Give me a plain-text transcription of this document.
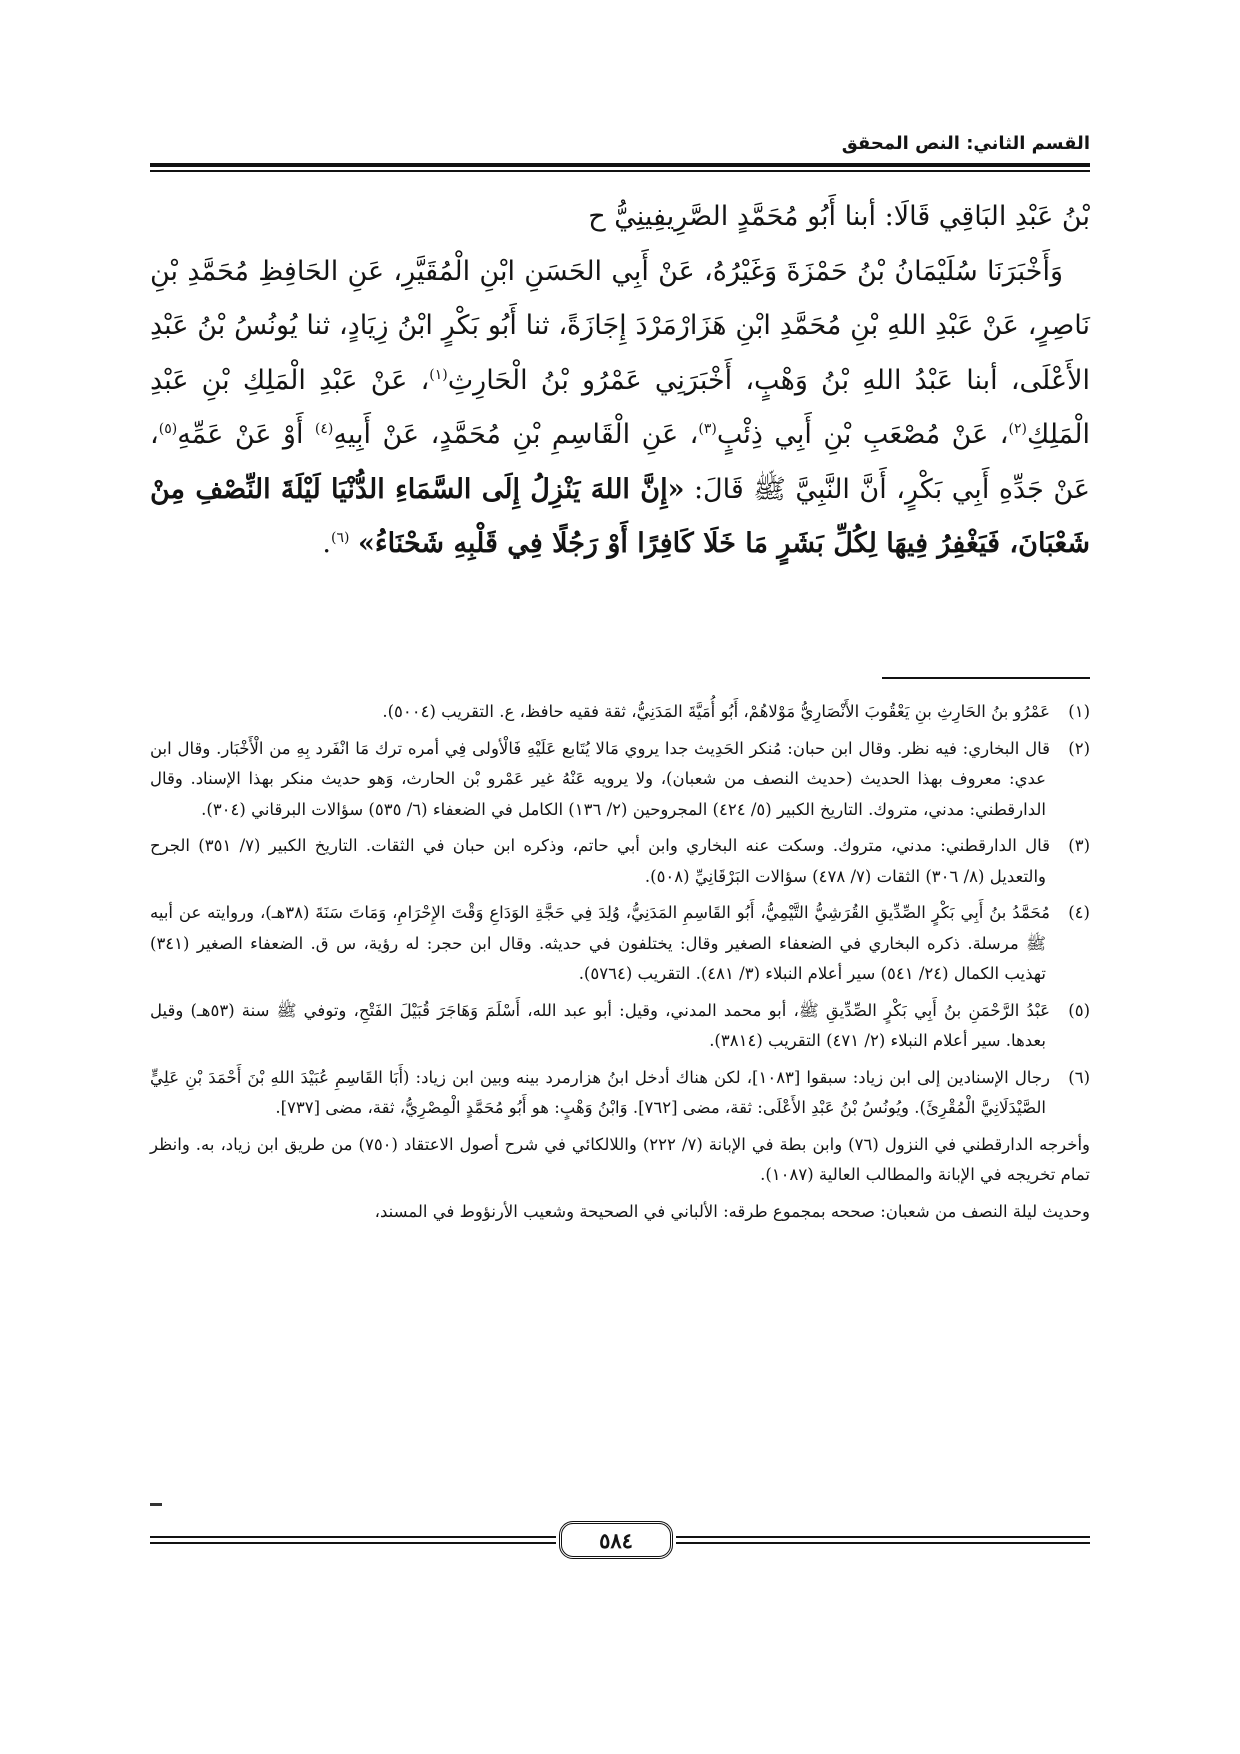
القسم الثاني: النص المحقق

بْنُ عَبْدِ البَاقِي قَالَا: أبنا أَبُو مُحَمَّدٍ الصَّرِيفِينِيُّ ح

وَأَخْبَرَنَا سُلَيْمَانُ بْنُ حَمْزَةَ وَغَيْرُهُ، عَنْ أَبِي الحَسَنِ ابْنِ الْمُقَيَّرِ، عَنِ الحَافِظِ مُحَمَّدِ بْنِ نَاصِرٍ، عَنْ عَبْدِ اللهِ بْنِ مُحَمَّدِ ابْنِ هَزَارْمَرْدَ إِجَازَةً، ثنا أَبُو بَكْرٍ ابْنُ زِيَادٍ، ثنا يُونُسُ بْنُ عَبْدِ الأَعْلَى، أبنا عَبْدُ اللهِ بْنُ وَهْبٍ، أَخْبَرَنِي عَمْرُو بْنُ الْحَارِثِ$^{(١)}$، عَنْ عَبْدِ الْمَلِكِ بْنِ عَبْدِ الْمَلِكِ$^{(٢)}$، عَنْ مُصْعَبِ بْنِ أَبِي ذِئْبٍ$^{(٣)}$، عَنِ الْقَاسِمِ بْنِ مُحَمَّدٍ، عَنْ أَبِيهِ$^{(٤)}$ أَوْ عَنْ عَمِّهِ$^{(٥)}$، عَنْ جَدِّهِ أَبِي بَكْرٍ، أَنَّ النَّبِيَّ ﷺ قَالَ: «إِنَّ اللهَ يَنْزِلُ إِلَى السَّمَاءِ الدُّنْيَا لَيْلَةَ النِّصْفِ مِنْ شَعْبَانَ، فَيَغْفِرُ فِيهَا لِكُلِّ بَشَرٍ مَا خَلَا كَافِرًا أَوْ رَجُلًا فِي قَلْبِهِ شَحْنَاءُ» $^{(٦)}$.

(١)عَمْرُو بنُ الحَارِثِ بنِ يَعْقُوبَ الأَنْصَارِيُّ مَوْلاهُمْ، أَبُو أُمَيَّةَ المَدَنِيُّ، ثقة فقيه حافظ، ع. التقريب (٥٠٠٤).

(٢)قال البخاري: فيه نظر. وقال ابن حبان: مُنكر الحَدِيث جدا يروي مَالا يُتَابع عَلَيْهِ فَالْأولى فِي أمره ترك مَا انْفَرد بِهِ من الْأَخْبَار. وقال ابن عدي: معروف بهذا الحديث (حديث النصف من شعبان)، ولا يرويه عَنْهُ غير عَمْرو بْن الحارث، وَهو حديث منكر بهذا الإسناد. وقال الدارقطني: مدني، متروك. التاريخ الكبير (٥/ ٤٢٤) المجروحين (٢/ ١٣٦) الكامل في الضعفاء (٦/ ٥٣٥) سؤالات البرقاني (٣٠٤).

(٣)قال الدارقطني: مدني، متروك. وسكت عنه البخاري وابن أبي حاتم، وذكره ابن حبان في الثقات. التاريخ الكبير (٧/ ٣٥١) الجرح والتعديل (٨/ ٣٠٦) الثقات (٧/ ٤٧٨) سؤالات البَرْقَانِيِّ (٥٠٨).

(٤)مُحَمَّدُ بنُ أَبِي بَكْرٍ الصِّدِّيقِ القُرَشِيُّ التَّيْمِيُّ، أَبُو القَاسِمِ المَدَنِيُّ، وُلِدَ فِي حَجَّةِ الوَدَاعِ وَقْتَ الإِحْرَامِ، وَمَاتَ سَنَةَ (٣٨هـ)، وروايته عن أبيه ﷺ مرسلة. ذكره البخاري في الضعفاء الصغير وقال: يختلفون في حديثه. وقال ابن حجر: له رؤية، س ق. الضعفاء الصغير (٣٤١) تهذيب الكمال (٢٤/ ٥٤١) سير أعلام النبلاء (٣/ ٤٨١). التقريب (٥٧٦٤).

(٥)عَبْدُ الرَّحْمَنِ بنُ أَبِي بَكْرٍ الصِّدِّيقِ ﷺ، أبو محمد المدني، وقيل: أبو عبد الله، أَسْلَمَ وَهَاجَرَ قُبَيْلَ الفَتْحِ، وتوفي ﷺ سنة (٥٣هـ) وقيل بعدها. سير أعلام النبلاء (٢/ ٤٧١) التقريب (٣٨١٤).

(٦)رجال الإسنادين إلى ابن زياد: سبقوا [١٠٨٣]، لكن هناك أدخل ابنُ هزارمرد بينه وبين ابن زياد: (أَبَا القَاسِمِ عُبَيْدَ اللهِ بْنَ أَحْمَدَ بْنِ عَلِيٍّ الصَّيْدَلَانِيَّ الْمُقْرِئَ). ويُونُسُ بْنُ عَبْدِ الأَعْلَى: ثقة، مضى [٧٦٢]. وَابْنُ وَهْبٍ: هو أَبُو مُحَمَّدٍ الْمِصْرِيُّ، ثقة، مضى [٧٣٧].

وأخرجه الدارقطني في النزول (٧٦) وابن بطة في الإبانة (٧/ ٢٢٢) واللالكائي في شرح أصول الاعتقاد (٧٥٠) من طريق ابن زياد، به. وانظر تمام تخريجه في الإبانة والمطالب العالية (١٠٨٧).

وحديث ليلة النصف من شعبان: صححه بمجموع طرقه: الألباني في الصحيحة وشعيب الأرنؤوط في المسند،

٥٨٤
